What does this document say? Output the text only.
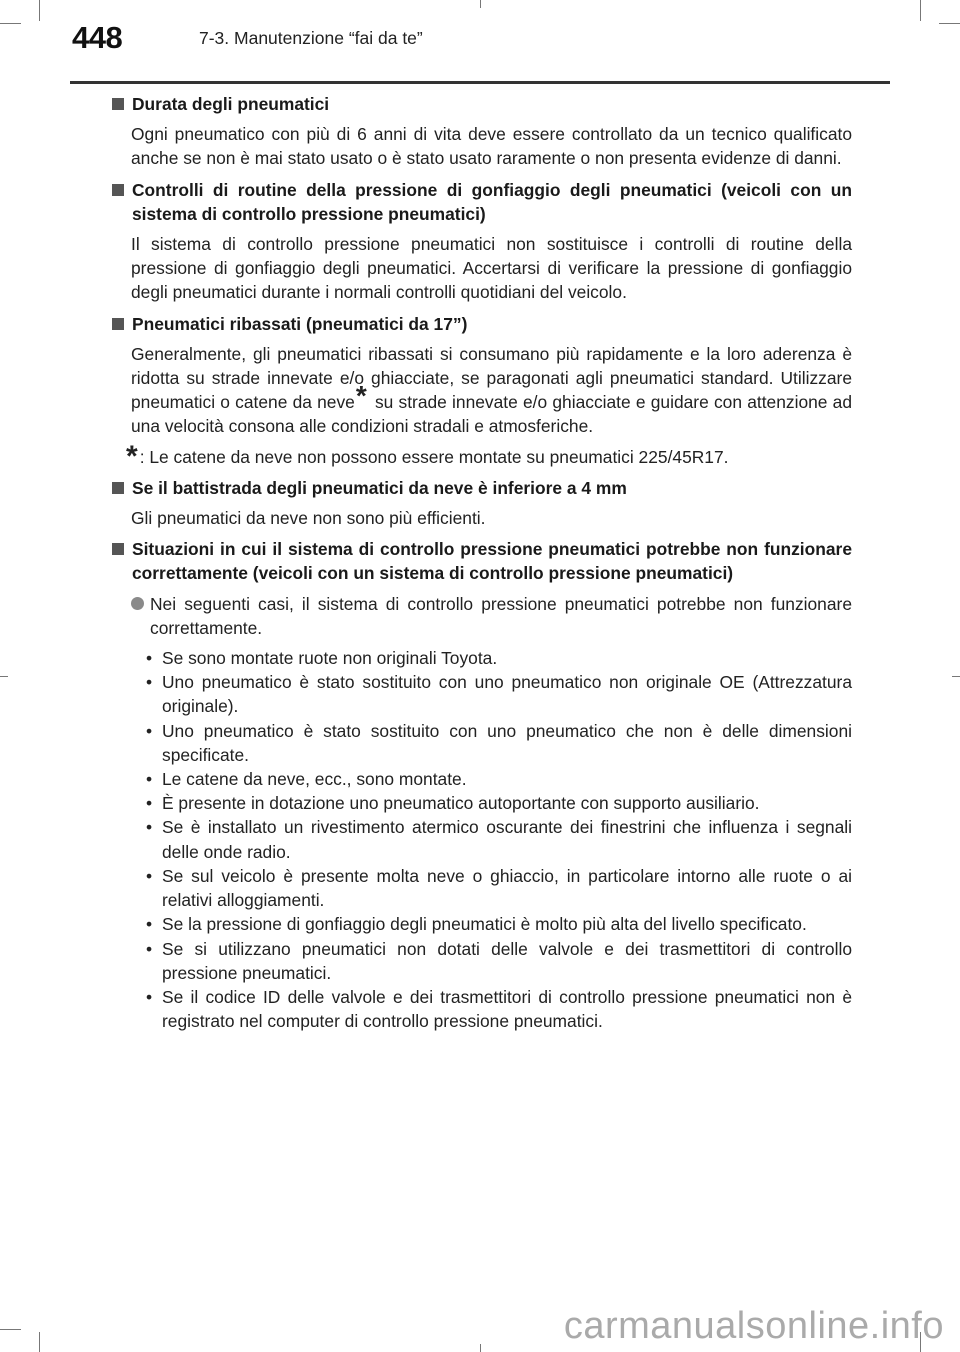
448	7-3. Manutenzione “fai da te”
Durata degli pneumatici
Ogni pneumatico con più di 6 anni di vita deve essere controllato da un tecnico qualificato anche se non è mai stato usato o è stato usato raramente o non presenta evidenze di danni.
Controlli di routine della pressione di gonfiaggio degli pneumatici (veicoli con un sistema di controllo pressione pneumatici)
Il sistema di controllo pressione pneumatici non sostituisce i controlli di routine della pressione di gonfiaggio degli pneumatici. Accertarsi di verificare la pressione di gonfiaggio degli pneumatici durante i normali controlli quotidiani del veicolo.
Pneumatici ribassati (pneumatici da 17”)
Generalmente, gli pneumatici ribassati si consumano più rapidamente e la loro aderenza è ridotta su strade innevate e/o ghiacciate, se paragonati agli pneumatici standard. Utilizzare pneumatici o catene da neve* su strade innevate e/o ghiacciate e guidare con attenzione ad una velocità consona alle condizioni stradali e atmosferiche.
* : Le catene da neve non possono essere montate su pneumatici 225/45R17.
Se il battistrada degli pneumatici da neve è inferiore a 4 mm
Gli pneumatici da neve non sono più efficienti.
Situazioni in cui il sistema di controllo pressione pneumatici potrebbe non funzionare correttamente (veicoli con un sistema di controllo pressione pneumatici)
Nei seguenti casi, il sistema di controllo pressione pneumatici potrebbe non funzionare correttamente.
• Se sono montate ruote non originali Toyota.
• Uno pneumatico è stato sostituito con uno pneumatico non originale OE (Attrezzatura originale).
• Uno pneumatico è stato sostituito con uno pneumatico che non è delle dimensioni specificate.
• Le catene da neve, ecc., sono montate.
• È presente in dotazione uno pneumatico autoportante con supporto ausiliario.
• Se è installato un rivestimento atermico oscurante dei finestrini che influenza i segnali delle onde radio.
• Se sul veicolo è presente molta neve o ghiaccio, in particolare intorno alle ruote o ai relativi alloggiamenti.
• Se la pressione di gonfiaggio degli pneumatici è molto più alta del livello specificato.
• Se si utilizzano pneumatici non dotati delle valvole e dei trasmettitori di controllo pressione pneumatici.
• Se il codice ID delle valvole e dei trasmettitori di controllo pressione pneumatici non è registrato nel computer di controllo pressione pneumatici.
carmanualsonline.info
